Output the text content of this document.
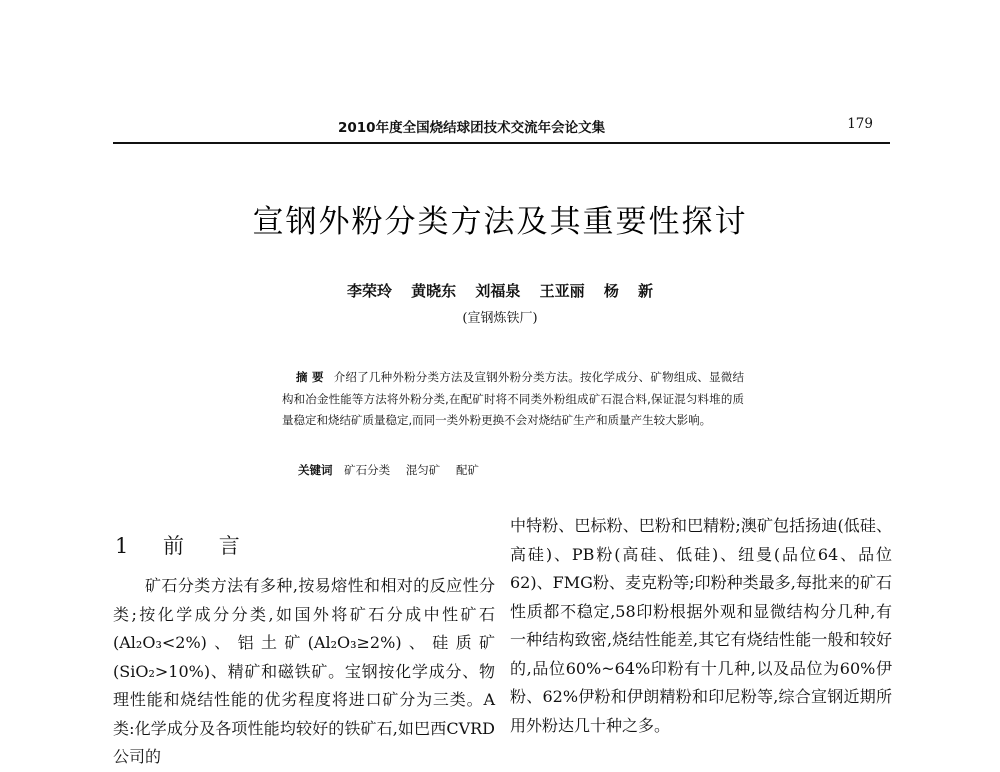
2010年度全国烧结球团技术交流年会论文集	179
宣钢外粉分类方法及其重要性探讨
李荣玲 黄晓东 刘福泉 王亚丽 杨 新
(宣钢炼铁厂)
摘 要 介绍了几种外粉分类方法及宣钢外粉分类方法。按化学成分、矿物组成、显微结构和冶金性能等方法将外粉分类,在配矿时将不同类外粉组成矿石混合料,保证混匀料堆的质量稳定和烧结矿质量稳定,而同一类外粉更换不会对烧结矿生产和质量产生较大影响。
关键词 矿石分类 混匀矿 配矿
1 前 言

矿石分类方法有多种,按易熔性和相对的反应性分类;按化学成分分类,如国外将矿石分成中性矿石(Al₂O₃<2%)、铝土矿(Al₂O₃≥2%)、硅质矿(SiO₂>10%)、精矿和磁铁矿。宝钢按化学成分、物理性能和烧结性能的优劣程度将进口矿分为三类。A类:化学成分及各项性能均较好的铁矿石,如巴西CVRD公司的

中特粉、巴标粉、巴粉和巴精粉;澳矿包括扬迪(低硅、高硅)、PB粉(高硅、低硅)、纽曼(品位64、品位62)、FMG粉、麦克粉等;印粉种类最多,每批来的矿石性质都不稳定,58印粉根据外观和显微结构分几种,有一种结构致密,烧结性能差,其它有烧结性能一般和较好的,品位60%~64%印粉有十几种,以及品位为60%伊粉、62%伊粉和伊朗精粉和印尼粉等,综合宣钢近期所用外粉达几十种之多。
